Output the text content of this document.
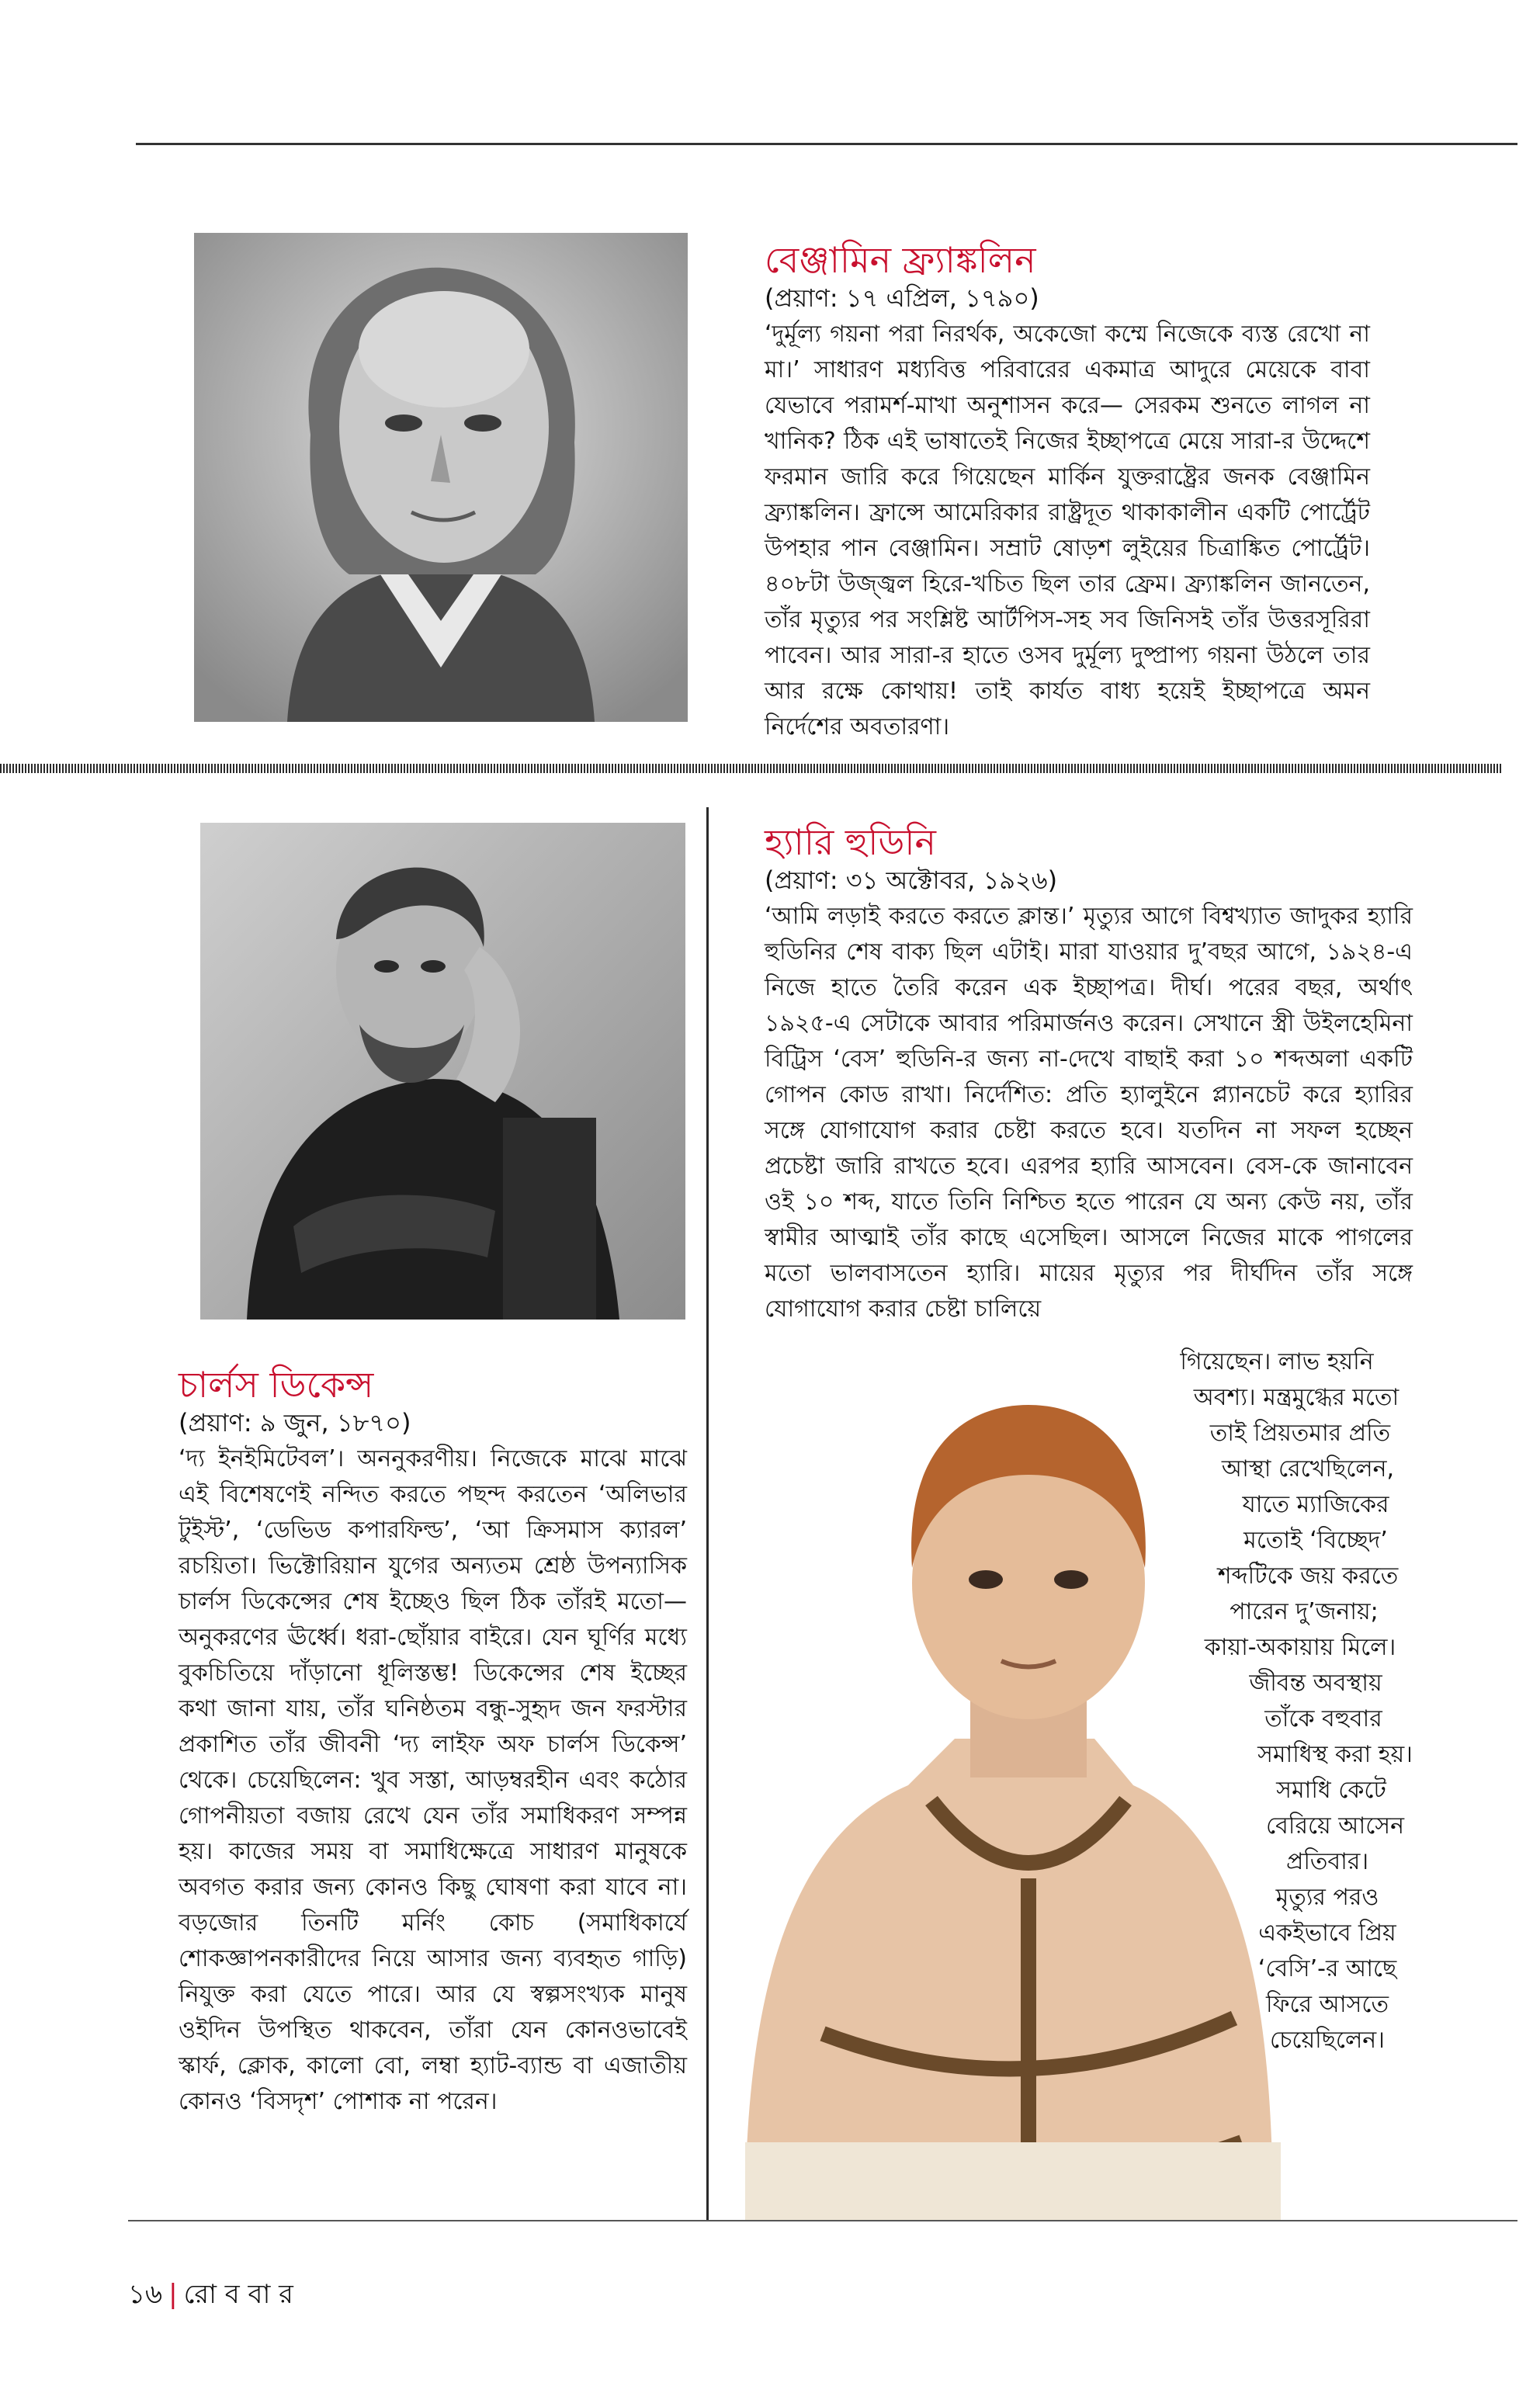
বেঞ্জামিন ফ্র্যাঙ্কলিন

(প্রয়াণ: ১৭ এপ্রিল, ১৭৯০)

‘দুর্মূল্য গয়না পরা নিরর্থক, অকেজো কম্মে নিজেকে ব্যস্ত রেখো না মা।’ সাধারণ মধ্যবিত্ত পরিবারের একমাত্র আদুরে মেয়েকে বাবা যেভাবে পরামর্শ-মাখা অনুশাসন করে— সেরকম শুনতে লাগল না খানিক? ঠিক এই ভাষাতেই নিজের ইচ্ছাপত্রে মেয়ে সারা-র উদ্দেশে ফরমান জারি করে গিয়েছেন মার্কিন যুক্তরাষ্ট্রের জনক বেঞ্জামিন ফ্র্যাঙ্কলিন। ফ্রান্সে আমেরিকার রাষ্ট্রদূত থাকাকালীন একটি পোর্ট্রেট উপহার পান বেঞ্জামিন। সম্রাট ষোড়শ লুইয়ের চিত্রাঙ্কিত পোর্ট্রেট। ৪০৮টা উজ্জ্বল হিরে-খচিত ছিল তার ফ্রেম। ফ্র্যাঙ্কলিন জানতেন, তাঁর মৃত্যুর পর সংশ্লিষ্ট আর্টপিস-সহ সব জিনিসই তাঁর উত্তরসূরিরা পাবেন। আর সারা-র হাতে ওসব দুর্মূল্য দুষ্প্রাপ্য গয়না উঠলে তার আর রক্ষে কোথায়! তাই কার্যত বাধ্য হয়েই ইচ্ছাপত্রে অমন নির্দেশের অবতারণা।

চার্লস ডিকেন্স

(প্রয়াণ: ৯ জুন, ১৮৭০)

‘দ্য ইনইমিটেবল’। অননুকরণীয়। নিজেকে মাঝে মাঝে এই বিশেষণেই নন্দিত করতে পছন্দ করতেন ‘অলিভার টুইস্ট’, ‘ডেভিড কপারফিল্ড’, ‘আ ক্রিসমাস ক্যারল’ রচয়িতা। ভিক্টোরিয়ান যুগের অন্যতম শ্রেষ্ঠ উপন্যাসিক চার্লস ডিকেন্সের শেষ ইচ্ছেও ছিল ঠিক তাঁরই মতো— অনুকরণের ঊর্ধ্বে। ধরা-ছোঁয়ার বাইরে। যেন ঘূর্ণির মধ্যে বুকচিতিয়ে দাঁড়ানো ধূলিস্তম্ভ! ডিকেন্সের শেষ ইচ্ছের কথা জানা যায়, তাঁর ঘনিষ্ঠতম বন্ধু-সুহৃদ জন ফরস্টার প্রকাশিত তাঁর জীবনী ‘দ্য লাইফ অফ চার্লস ডিকেন্স’ থেকে। চেয়েছিলেন: খুব সস্তা, আড়ম্বরহীন এবং কঠোর গোপনীয়তা বজায় রেখে যেন তাঁর সমাধিকরণ সম্পন্ন হয়। কাজের সময় বা সমাধিক্ষেত্রে সাধারণ মানুষকে অবগত করার জন্য কোনও কিছু ঘোষণা করা যাবে না। বড়জোর তিনটি মর্নিং কোচ (সমাধিকার্যে শোকজ্ঞাপনকারীদের নিয়ে আসার জন্য ব্যবহৃত গাড়ি) নিযুক্ত করা যেতে পারে। আর যে স্বল্পসংখ্যক মানুষ ওইদিন উপস্থিত থাকবেন, তাঁরা যেন কোনওভাবেই স্কার্ফ, ক্লোক, কালো বো, লম্বা হ্যাট-ব্যান্ড বা এজাতীয় কোনও ‘বিসদৃশ’ পোশাক না পরেন।

হ্যারি হুডিনি

(প্রয়াণ: ৩১ অক্টোবর, ১৯২৬)

‘আমি লড়াই করতে করতে ক্লান্ত।’ মৃত্যুর আগে বিশ্বখ্যাত জাদুকর হ্যারি হুডিনির শেষ বাক্য ছিল এটাই। মারা যাওয়ার দু’বছর আগে, ১৯২৪-এ নিজে হাতে তৈরি করেন এক ইচ্ছাপত্র। দীর্ঘ। পরের বছর, অর্থাৎ ১৯২৫-এ সেটাকে আবার পরিমার্জনও করেন। সেখানে স্ত্রী উইলহেমিনা বিট্রিস ‘বেস’ হুডিনি-র জন্য না-দেখে বাছাই করা ১০ শব্দঅলা একটি গোপন কোড রাখা। নির্দেশিত: প্রতি হ্যালুইনে প্ল্যানচেট করে হ্যারির সঙ্গে যোগাযোগ করার চেষ্টা করতে হবে। যতদিন না সফল হচ্ছেন প্রচেষ্টা জারি রাখতে হবে। এরপর হ্যারি আসবেন। বেস-কে জানাবেন ওই ১০ শব্দ, যাতে তিনি নিশ্চিত হতে পারেন যে অন্য কেউ নয়, তাঁর স্বামীর আত্মাই তাঁর কাছে এসেছিল। আসলে নিজের মাকে পাগলের মতো ভালবাসতেন হ্যারি। মায়ের মৃত্যুর পর দীর্ঘদিন তাঁর সঙ্গে যোগাযোগ করার চেষ্টা চালিয়ে

গিয়েছেন। লাভ হয়নি
অবশ্য। মন্ত্রমুগ্ধের মতো
তাই প্রিয়তমার প্রতি
আস্থা রেখেছিলেন,
যাতে ম্যাজিকের
মতোই ‘বিচ্ছেদ’
শব্দটিকে জয় করতে
পারেন দু’জনায়;
কায়া-অকায়ায় মিলে।
জীবন্ত অবস্থায়
তাঁকে বহুবার
সমাধিস্থ করা হয়।
সমাধি কেটে
বেরিয়ে আসেন
প্রতিবার।
মৃত্যুর পরও
একইভাবে প্রিয়
‘বেসি’-র আছে
ফিরে আসতে
চেয়েছিলেন।
১৬ | রো ব বা র
